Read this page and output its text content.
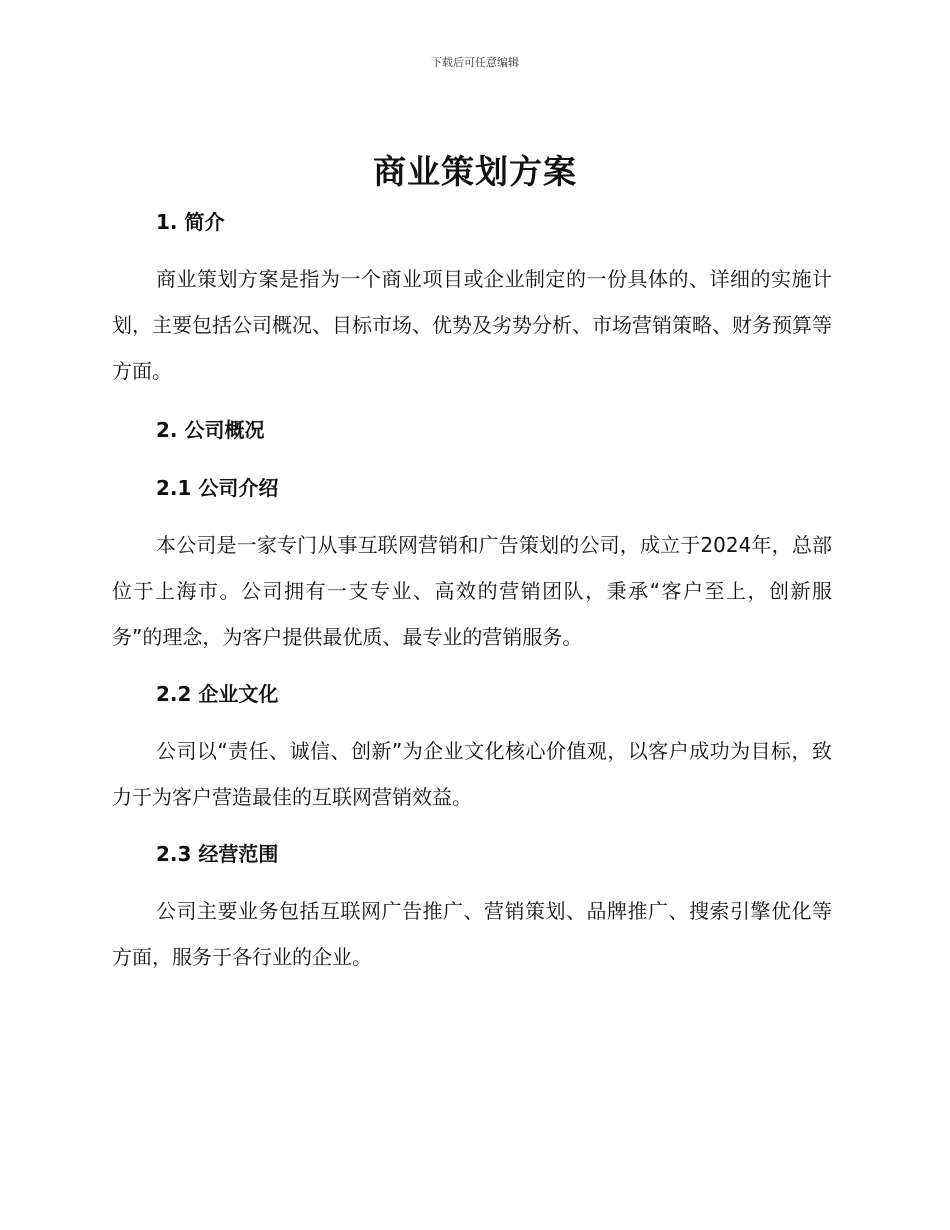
下载后可任意编辑
商业策划方案
1. 简介

商业策划方案是指为一个商业项目或企业制定的一份具体的、详细的实施计划，主要包括公司概况、目标市场、优势及劣势分析、市场营销策略、财务预算等方面。

2. 公司概况
2.1 公司介绍

本公司是一家专门从事互联网营销和广告策划的公司，成立于2024年，总部位于上海市。公司拥有一支专业、高效的营销团队，秉承“客户至上，创新服务”的理念，为客户提供最优质、最专业的营销服务。

2.2 企业文化

公司以“责任、诚信、创新”为企业文化核心价值观，以客户成功为目标，致力于为客户营造最佳的互联网营销效益。

2.3 经营范围

公司主要业务包括互联网广告推广、营销策划、品牌推广、搜索引擎优化等方面，服务于各行业的企业。
